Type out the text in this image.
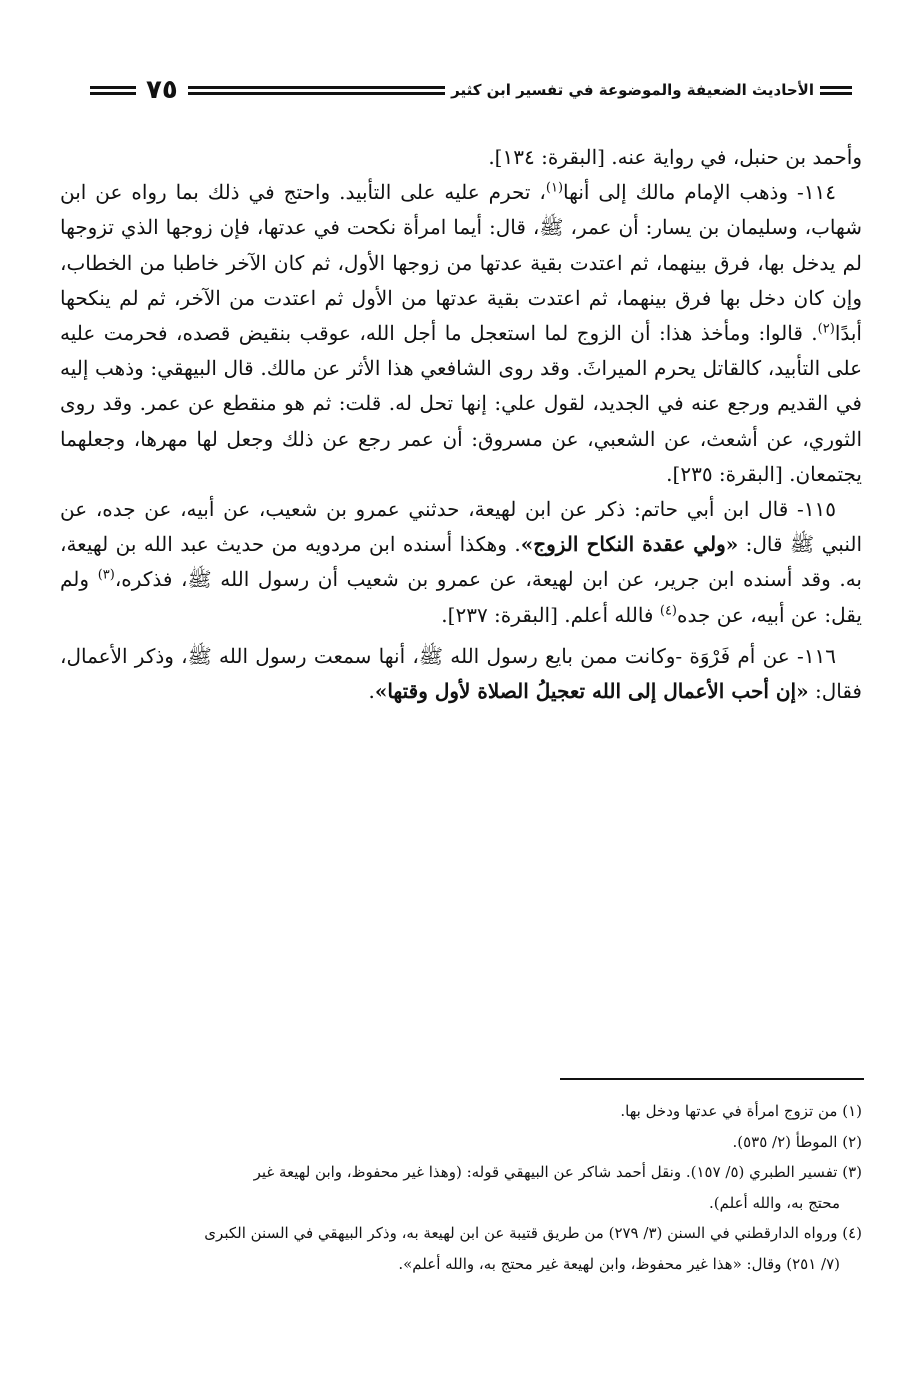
الأحاديث الضعيفة والموضوعة في تفسير ابن كثير
٧٥

وأحمد بن حنبل، في رواية عنه. [البقرة: ١٣٤].

١١٤- وذهب الإمام مالك إلى أنها$^{(١)}$، تحرم عليه على التأبيد. واحتج في ذلك بما رواه عن ابن شهاب، وسليمان بن يسار: أن عمر، ﷺ، قال: أيما امرأة نكحت في عدتها، فإن زوجها الذي تزوجها لم يدخل بها، فرق بينهما، ثم اعتدت بقية عدتها من زوجها الأول، ثم كان الآخر خاطبا من الخطاب، وإن كان دخل بها فرق بينهما، ثم اعتدت بقية عدتها من الأول ثم اعتدت من الآخر، ثم لم ينكحها أبدًا$^{(٢)}$. قالوا: ومأخذ هذا: أن الزوج لما استعجل ما أجل الله، عوقب بنقيض قصده، فحرمت عليه على التأبيد، كالقاتل يحرم الميراثَ. وقد روى الشافعي هذا الأثر عن مالك. قال البيهقي: وذهب إليه في القديم ورجع عنه في الجديد، لقول علي: إنها تحل له. قلت: ثم هو منقطع عن عمر. وقد روى الثوري، عن أشعث، عن الشعبي، عن مسروق: أن عمر رجع عن ذلك وجعل لها مهرها، وجعلهما يجتمعان. [البقرة: ٢٣٥].

١١٥- قال ابن أبي حاتم: ذكر عن ابن لهيعة، حدثني عمرو بن شعيب، عن أبيه، عن جده، عن النبي ﷺ قال: «ولي عقدة النكاح الزوج». وهكذا أسنده ابن مردويه من حديث عبد الله بن لهيعة، به. وقد أسنده ابن جرير، عن ابن لهيعة، عن عمرو بن شعيب أن رسول الله ﷺ، فذكره،$^{(٣)}$ ولم يقل: عن أبيه، عن جده$^{(٤)}$ فالله أعلم. [البقرة: ٢٣٧].

١١٦- عن أم فَرْوَة -وكانت ممن بايع رسول الله ﷺ، أنها سمعت رسول الله ﷺ، وذكر الأعمال، فقال: «إن أحب الأعمال إلى الله تعجيلُ الصلاة لأول وقتها».

(١) من تزوج امرأة في عدتها ودخل بها.

(٢) الموطأ (٢/ ٥٣٥).

(٣) تفسير الطبري (٥/ ١٥٧). ونقل أحمد شاكر عن البيهقي قوله: (وهذا غير محفوظ، وابن لهيعة غير

محتج به، والله أعلم).

(٤) ورواه الدارقطني في السنن (٣/ ٢٧٩) من طريق قتيبة عن ابن لهيعة به، وذكر البيهقي في السنن الكبرى

(٧/ ٢٥١) وقال: «هذا غير محفوظ، وابن لهيعة غير محتج به، والله أعلم».
